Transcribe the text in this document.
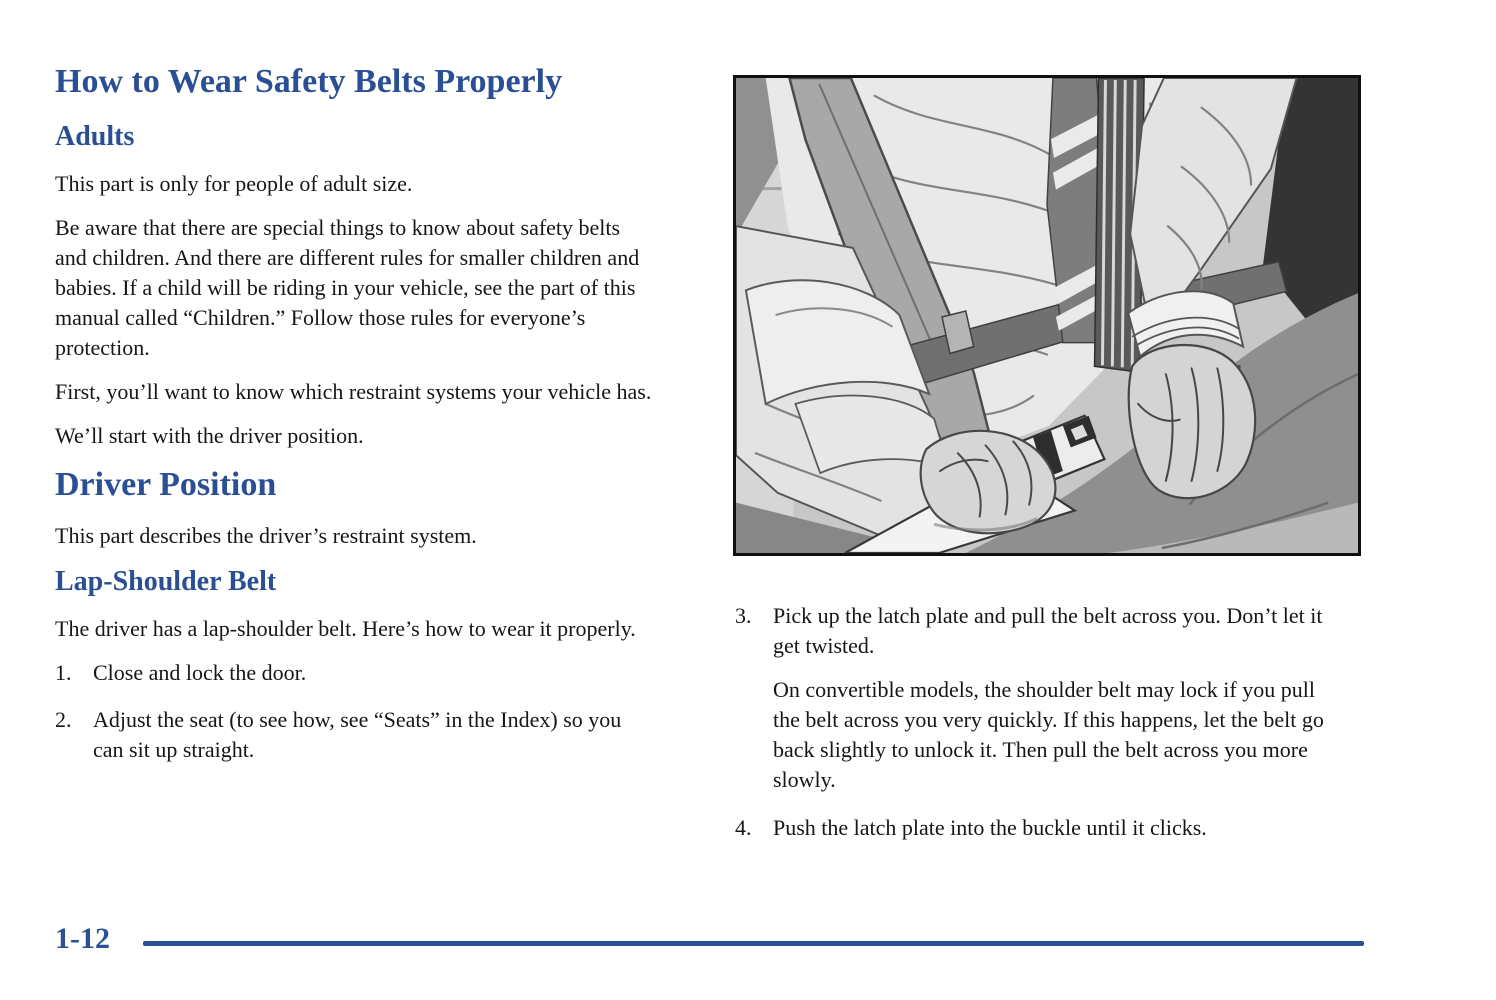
How to Wear Safety Belts Properly
Adults

This part is only for people of adult size.

Be aware that there are special things to know about safety belts and children. And there are different rules for smaller children and babies. If a child will be riding in your vehicle, see the part of this manual called “Children.” Follow those rules for everyone’s protection.

First, you’ll want to know which restraint systems your vehicle has.

We’ll start with the driver position.

Driver Position

This part describes the driver’s restraint system.

Lap-Shoulder Belt

The driver has a lap-shoulder belt. Here’s how to wear it properly.

1. Close and lock the door.
2. Adjust the seat (to see how, see “Seats” in the Index) so you can sit up straight.
3. Pick up the latch plate and pull the belt across you. Don’t let it get twisted.

On convertible models, the shoulder belt may lock if you pull the belt across you very quickly. If this happens, let the belt go back slightly to unlock it. Then pull the belt across you more slowly.

4. Push the latch plate into the buckle until it clicks.
1-12
